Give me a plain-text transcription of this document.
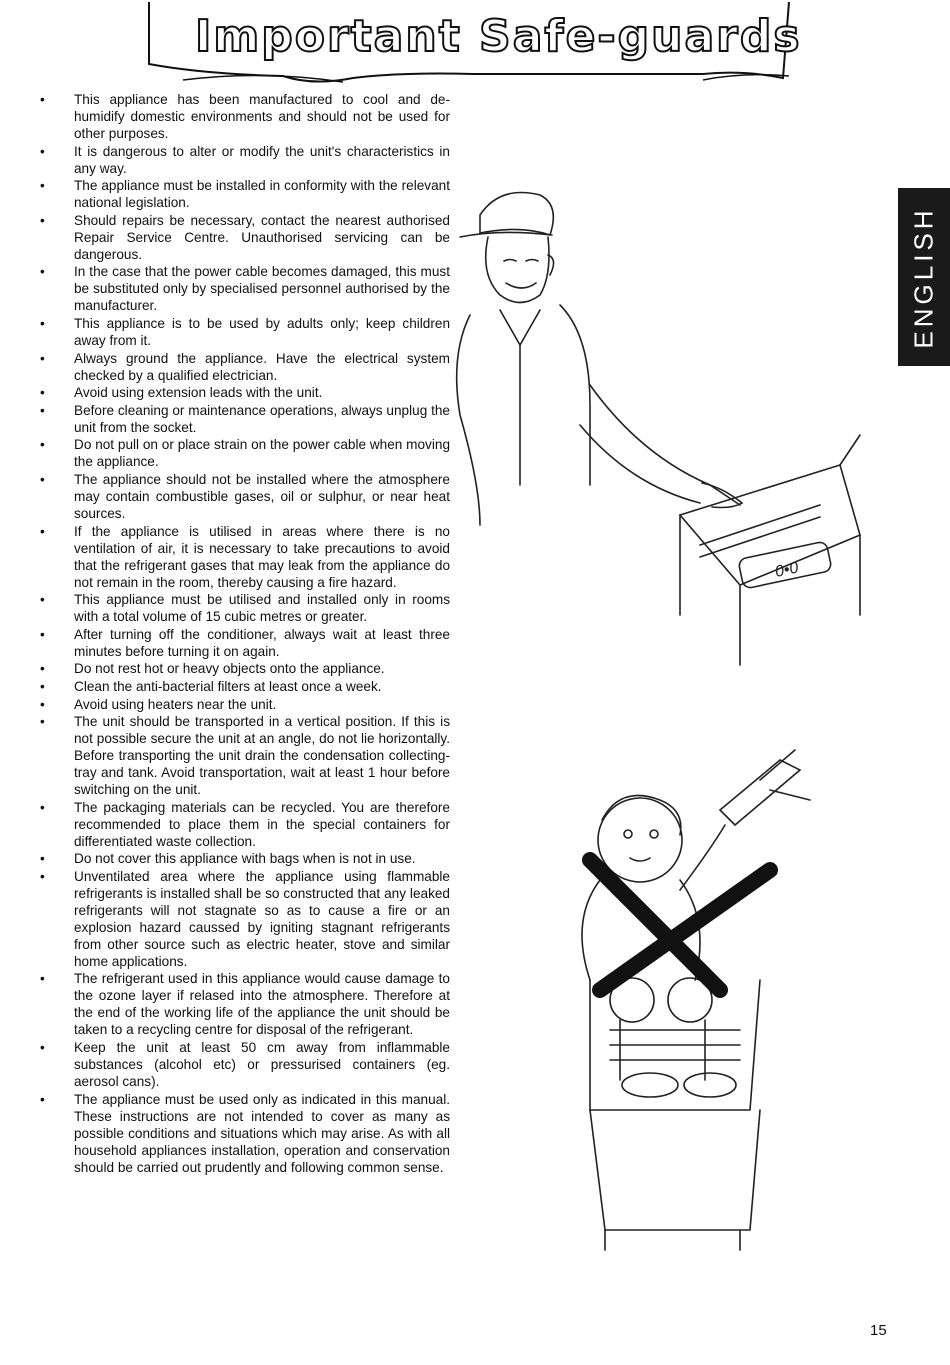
Important Safe-guards
• This appliance has been manufactured to cool and de-humidify domestic environments and should not be used for other purposes.
• It is dangerous to alter or modify the unit's characteristics in any way.
• The appliance must be installed in conformity with the relevant national legislation.
• Should repairs be necessary, contact the nearest authorised Repair Service Centre. Unauthorised servicing can be dangerous.
• In the case that the power cable becomes damaged, this must be substituted only by specialised personnel authorised by the manufacturer.
• This appliance is to be used by adults only; keep children away from it.
• Always ground the appliance. Have the electrical system checked by a qualified electrician.
• Avoid using extension leads with the unit.
• Before cleaning or maintenance operations, always unplug the unit from the socket.
• Do not pull on or place strain on the power cable when moving the appliance.
• The appliance should not be installed where the atmosphere may contain combustible gases, oil or sulphur, or near heat sources.
• If the appliance is utilised in areas where there is no ventilation of air, it is necessary to take precautions to avoid that the refrigerant gases that may leak from the appliance do not remain in the room, thereby causing a fire hazard.
• This appliance must be utilised and installed only in rooms with a total volume of 15 cubic metres or greater.
• After turning off the conditioner, always wait at least three minutes before turning it on again.
• Do not rest hot or heavy objects onto the appliance.
• Clean the anti-bacterial filters at least once a week.
• Avoid using heaters near the unit.
• The unit should be transported in a vertical position. If this is not possible secure the unit at an angle, do not lie horizontally. Before transporting the unit drain the condensation collecting-tray and tank. Avoid transportation, wait at least 1 hour before switching on the unit.
• The packaging materials can be recycled. You are therefore recommended to place them in the special containers for differentiated waste collection.
• Do not cover this appliance with bags when is not in use.
• Unventilated area where the appliance using flammable refrigerants is installed shall be so constructed that any leaked refrigerants will not stagnate so as to cause a fire or an explosion hazard caussed by igniting stagnant refrigerants from other source such as electric heater, stove and similar home applications.
• The refrigerant used in this appliance would cause damage to the ozone layer if relased into the atmosphere. Therefore at the end of the working life of the appliance the unit should be taken to a recycling centre for disposal of the refrigerant.
• Keep the unit at least 50 cm away from inflammable substances (alcohol etc) or pressurised containers (eg. aerosol cans).
• The appliance must be used only as indicated in this manual. These instructions are not intended to cover as many as possible conditions and situations which may arise. As with all household appliances installation, operation and conservation should be carried out prudently and following common sense.
0•0
ENGLISH
15
